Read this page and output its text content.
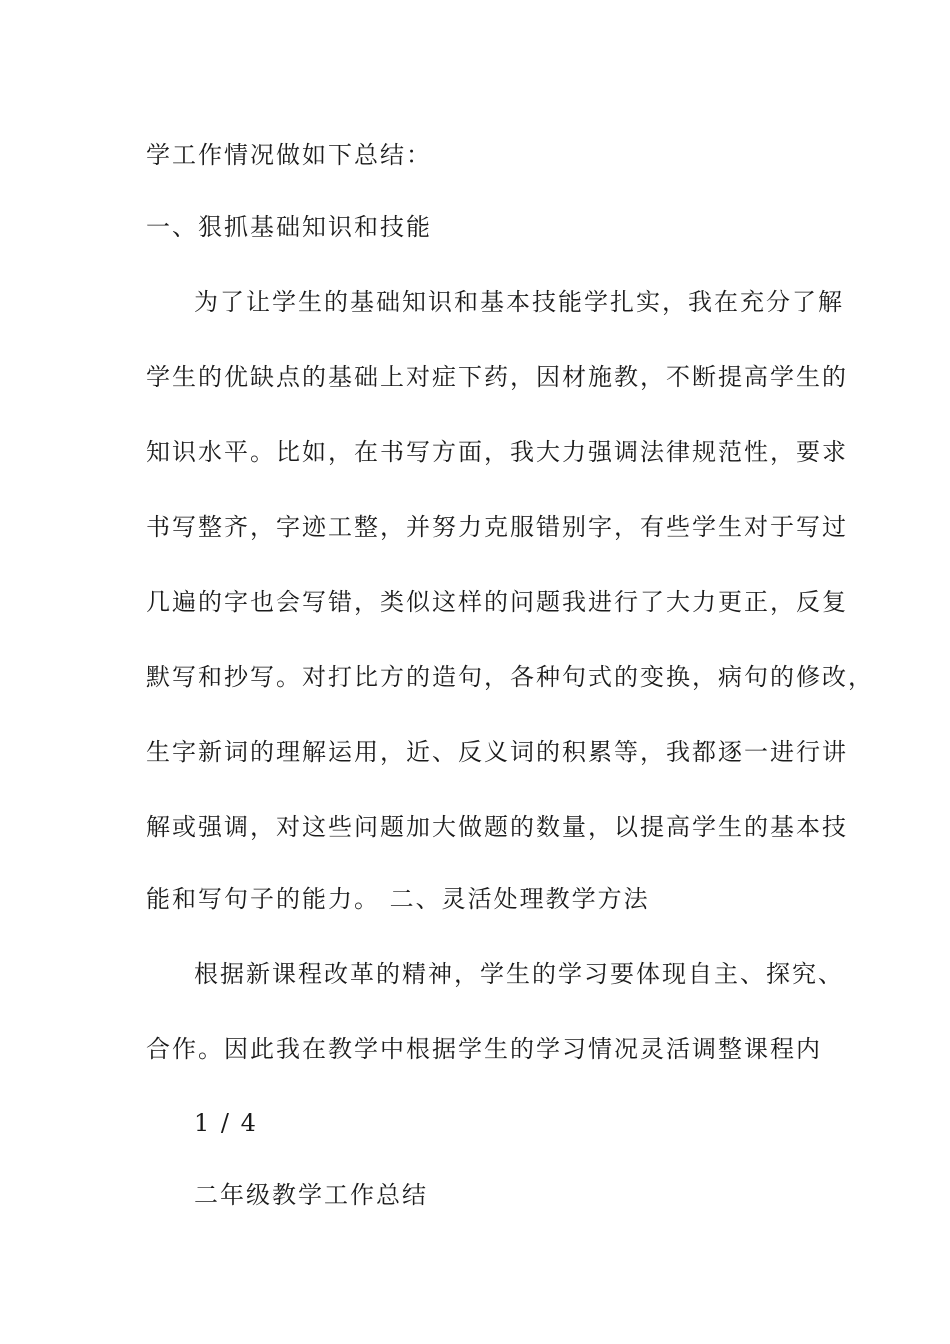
学工作情况做如下总结：
一、狠抓基础知识和技能
为了让学生的基础知识和基本技能学扎实，我在充分了解
学生的优缺点的基础上对症下药，因材施教，不断提高学生的
知识水平。比如，在书写方面，我大力强调法律规范性，要求
书写整齐，字迹工整，并努力克服错别字，有些学生对于写过
几遍的字也会写错，类似这样的问题我进行了大力更正，反复
默写和抄写。对打比方的造句，各种句式的变换，病句的修改，
生字新词的理解运用，近、反义词的积累等，我都逐一进行讲
解或强调，对这些问题加大做题的数量，以提高学生的基本技
能和写句子的能力。 二、灵活处理教学方法
根据新课程改革的精神，学生的学习要体现自主、探究、
合作。因此我在教学中根据学生的学习情况灵活调整课程内
1 / 4
二年级教学工作总结
